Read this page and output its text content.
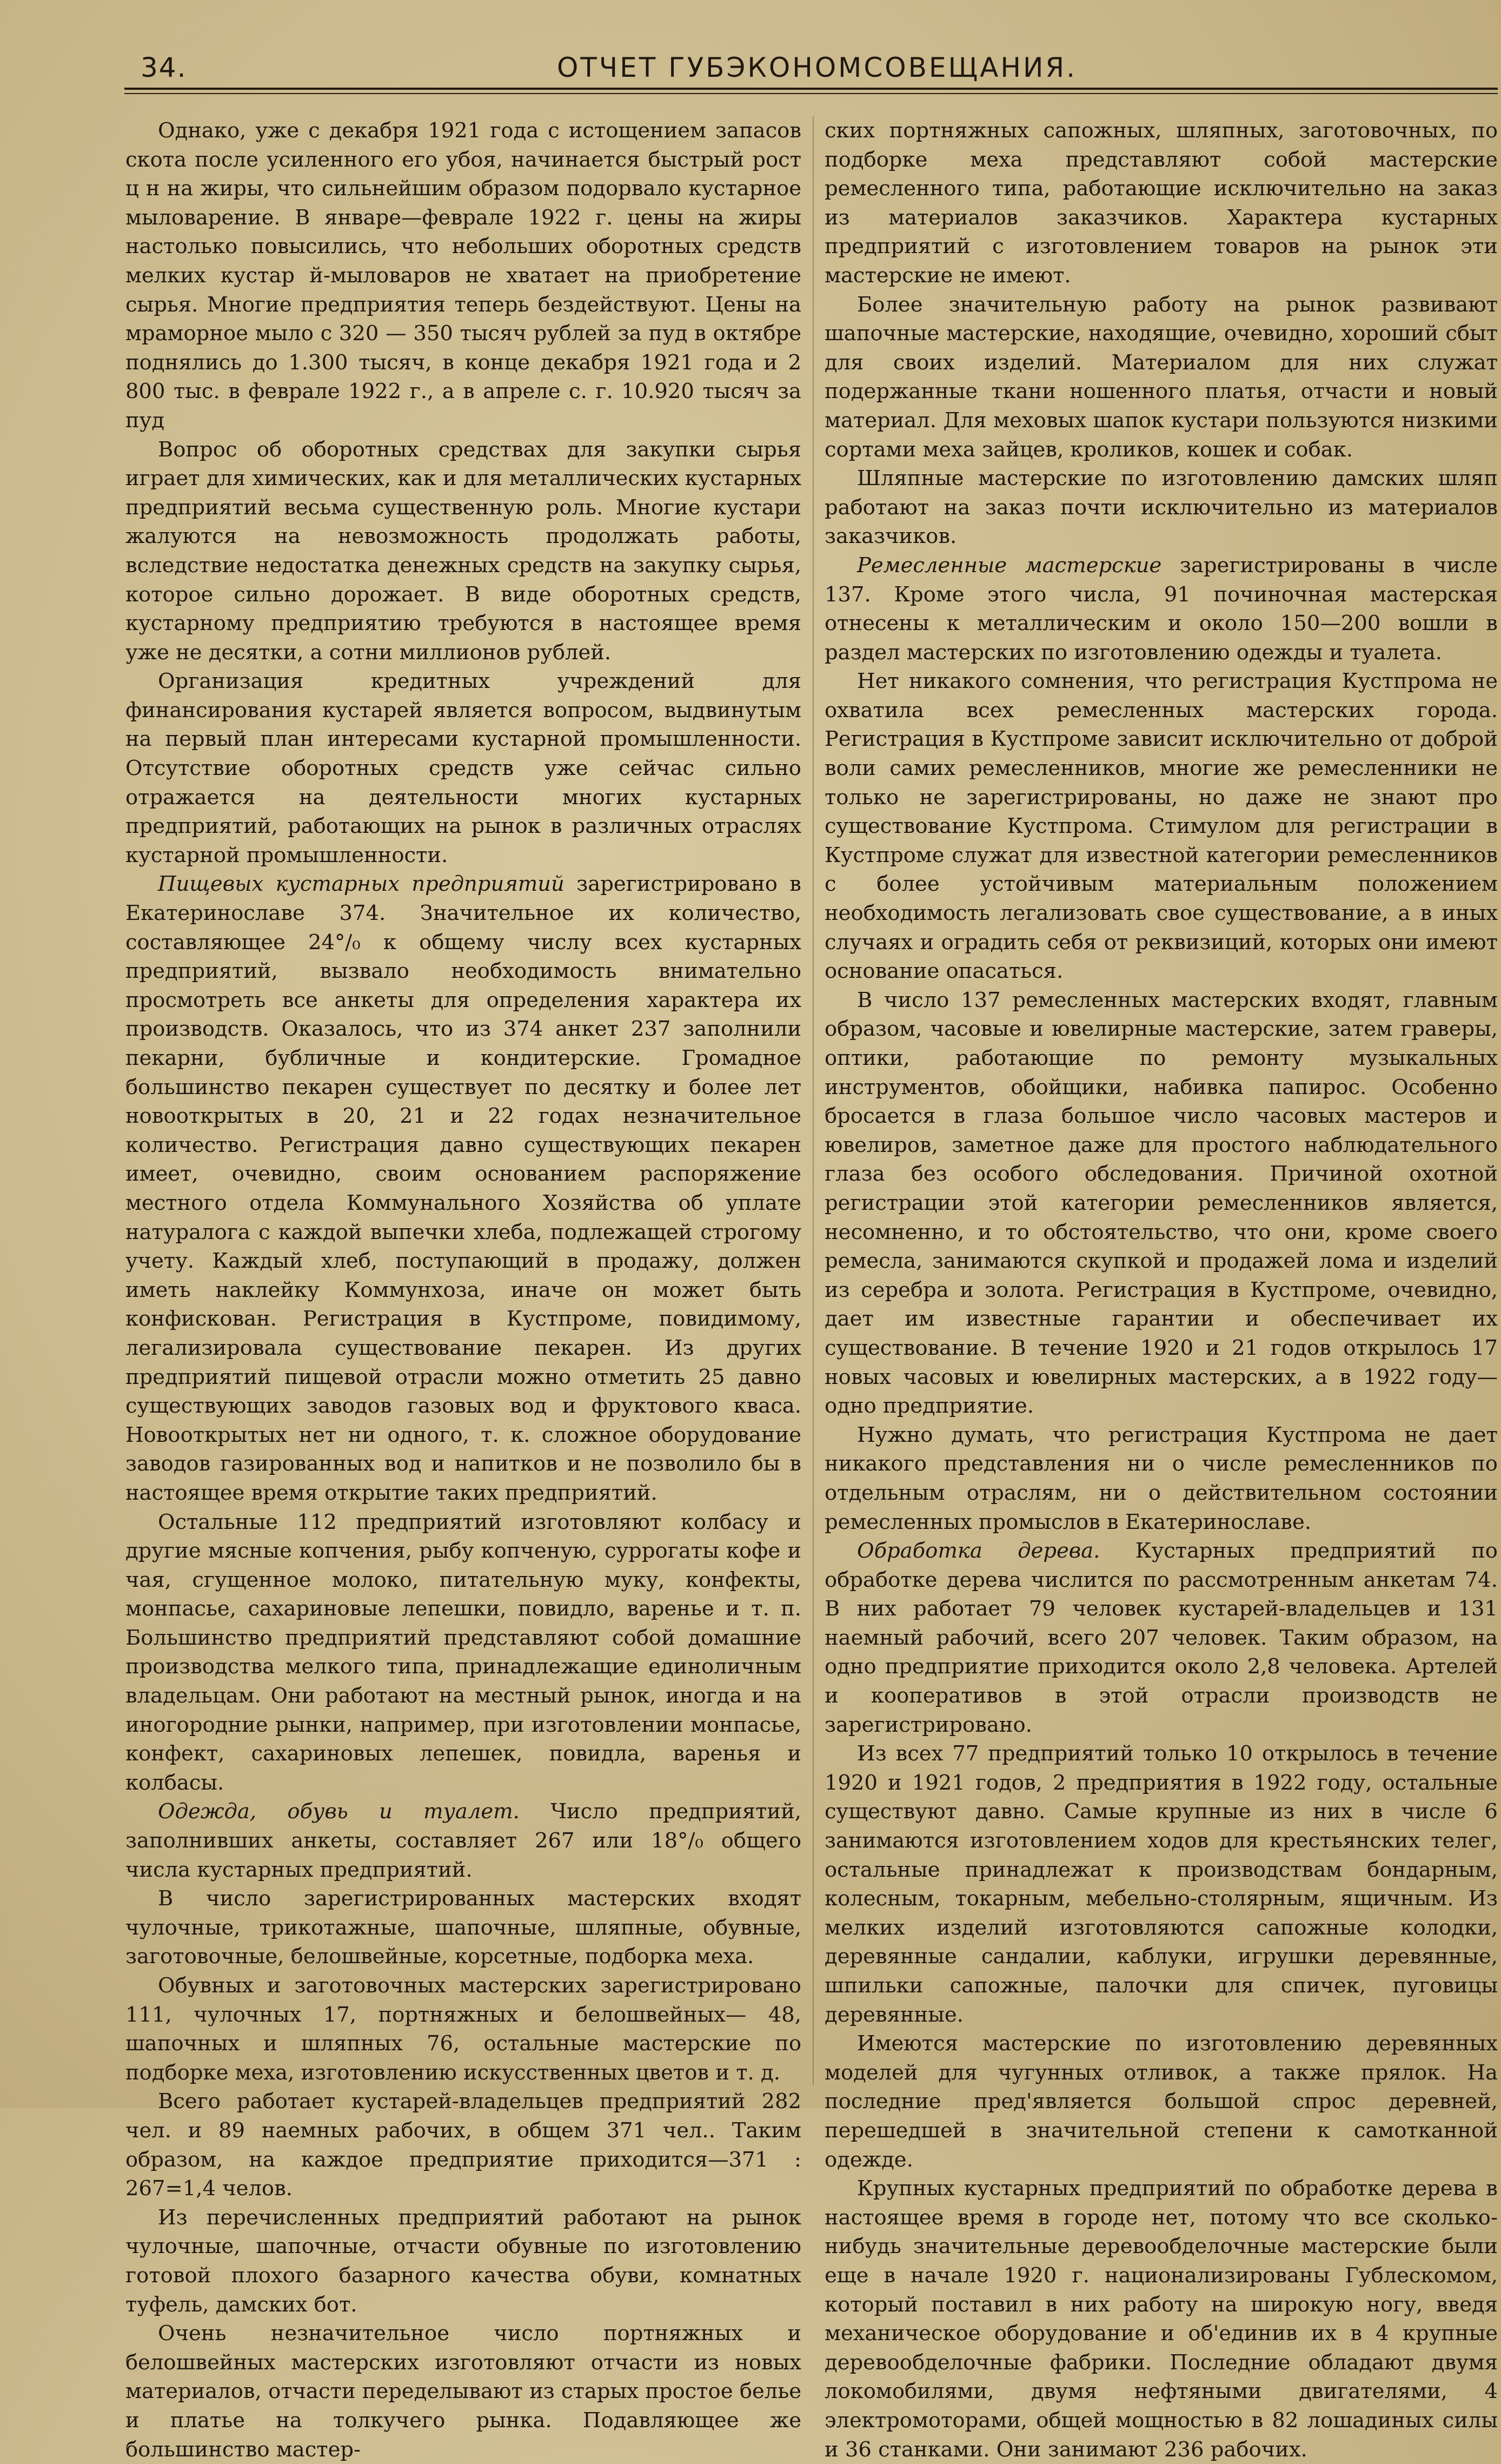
34.	ОТЧЕТ ГУБЭКОНОМСОВЕЩАНИЯ.

Однако, уже с декабря 1921 года с истощением запасов скота после усиленного его убоя, начинается быстрый рост ц н на жиры, что сильнейшим образом подорвало кустарное мыловарение. В январе—феврале 1922 г. цены на жиры настолько повысились, что небольших оборотных средств мелких кустар й-мыловаров не хватает на приобретение сырья. Многие предприятия теперь бездействуют. Цены на мраморное мыло с 320 — 350 тысяч рублей за пуд в октябре поднялись до 1.300 тысяч, в конце декабря 1921 года и 2 800 тыс. в феврале 1922 г., а в апреле с. г. 10.920 тысяч за пуд

Вопрос об оборотных средствах для закупки сырья играет для химических, как и для металлических кустарных предприятий весьма существенную роль. Многие кустари жалуются на невозможность продолжать работы, вследствие недостатка денежных средств на закупку сырья, которое сильно дорожает. В виде оборотных средств, кустарному предприятию требуются в настоящее время уже не десятки, а сотни миллионов рублей.

Организация кредитных учреждений для финансирования кустарей является вопросом, выдвинутым на первый план интересами кустарной промышленности. Отсутствие оборотных средств уже сейчас сильно отражается на деятельности многих кустарных предприятий, работающих на рынок в различных отраслях кустарной промышленности.

Пищевых кустарных предприятий зарегистрировано в Екатеринославе 374. Значительное их количество, составляющее 24°/₀ к общему числу всех кустарных предприятий, вызвало необходимость внимательно просмотреть все анкеты для определения характера их производств. Оказалось, что из 374 анкет 237 заполнили пекарни, бубличные и кондитерские. Громадное большинство пекарен существует по десятку и более лет новооткрытых в 20, 21 и 22 годах незначительное количество. Регистрация давно существующих пекарен имеет, очевидно, своим основанием распоряжение местного отдела Коммунального Хозяйства об уплате натуралога с каждой выпечки хлеба, подлежащей строгому учету. Каждый хлеб, поступающий в продажу, должен иметь наклейку Коммунхоза, иначе он может быть конфискован. Регистрация в Кустпроме, повидимому, легализировала существование пекарен. Из других предприятий пищевой отрасли можно отметить 25 давно существующих заводов газовых вод и фруктового кваса. Новооткрытых нет ни одного, т. к. сложное оборудование заводов газированных вод и напитков и не позволило бы в настоящее время открытие таких предприятий.

Остальные 112 предприятий изготовляют колбасу и другие мясные копчения, рыбу копченую, суррогаты кофе и чая, сгущенное молоко, питательную муку, конфекты, монпасье, сахариновые лепешки, повидло, варенье и т. п. Большинство предприятий представляют собой домашние производства мелкого типа, принадлежащие единоличным владельцам. Они работают на местный рынок, иногда и на иногородние рынки, например, при изготовлении монпасье, конфект, сахариновых лепешек, повидла, варенья и колбасы.

Одежда, обувь и туалет. Число предприятий, заполнивших анкеты, составляет 267 или 18°/₀ общего числа кустарных предприятий.

В число зарегистрированных мастерских входят чулочные, трикотажные, шапочные, шляпные, обувные, заготовочные, белошвейные, корсетные, подборка меха.

Обувных и заготовочных мастерских зарегистрировано 111, чулочных 17, портняжных и белошвейных— 48, шапочных и шляпных 76, остальные мастерские по подборке меха, изготовлению искусственных цветов и т. д.

Всего работает кустарей-владельцев предприятий 282 чел. и 89 наемных рабочих, в общем 371 чел.. Таким образом, на каждое предприятие приходится—371 : 267=1,4 челов.

Из перечисленных предприятий работают на рынок чулочные, шапочные, отчасти обувные по изготовлению готовой плохого базарного качества обуви, комнатных туфель, дамских бот.

Очень незначительное число портняжных и белошвейных мастерских изготовляют отчасти из новых материалов, отчасти переделывают из старых простое белье и платье на толкучего рынка. Подавляющее же большинство мастер-

ских портняжных сапожных, шляпных, заготовочных, по подборке меха представляют собой мастерские ремесленного типа, работающие исключительно на заказ из материалов заказчиков. Характера кустарных предприятий с изготовлением товаров на рынок эти мастерские не имеют.

Более значительную работу на рынок развивают шапочные мастерские, находящие, очевидно, хороший сбыт для своих изделий. Материалом для них служат подержанные ткани ношенного платья, отчасти и новый материал. Для меховых шапок кустари пользуются низкими сортами меха зайцев, кроликов, кошек и собак.

Шляпные мастерские по изготовлению дамских шляп работают на заказ почти исключительно из материалов заказчиков.

Ремесленные мастерские зарегистрированы в числе 137. Кроме этого числа, 91 починочная мастерская отнесены к металлическим и около 150—200 вошли в раздел мастерских по изготовлению одежды и туалета.

Нет никакого сомнения, что регистрация Кустпрома не охватила всех ремесленных мастерских города. Регистрация в Кустпроме зависит исключительно от доброй воли самих ремесленников, многие же ремесленники не только не зарегистрированы, но даже не знают про существование Кустпрома. Стимулом для регистрации в Кустпроме служат для известной категории ремесленников с более устойчивым материальным положением необходимость легализовать свое существование, а в иных случаях и оградить себя от реквизиций, которых они имеют основание опасаться.

В число 137 ремесленных мастерских входят, главным образом, часовые и ювелирные мастерские, затем граверы, оптики, работающие по ремонту музыкальных инструментов, обойщики, набивка папирос. Особенно бросается в глаза большое число часовых мастеров и ювелиров, заметное даже для простого наблюдательного глаза без особого обследования. Причиной охотной регистрации этой категории ремесленников является, несомненно, и то обстоятельство, что они, кроме своего ремесла, занимаются скупкой и продажей лома и изделий из серебра и золота. Регистрация в Кустпроме, очевидно, дает им известные гарантии и обеспечивает их существование. В течение 1920 и 21 годов открылось 17 новых часовых и ювелирных мастерских, а в 1922 году—одно предприятие.

Нужно думать, что регистрация Кустпрома не дает никакого представления ни о числе ремесленников по отдельным отраслям, ни о действительном состоянии ремесленных промыслов в Екатеринославе.

Обработка дерева. Кустарных предприятий по обработке дерева числится по рассмотренным анкетам 74. В них работает 79 человек кустарей-владельцев и 131 наемный рабочий, всего 207 человек. Таким образом, на одно предприятие приходится около 2,8 человека. Артелей и кооперативов в этой отрасли производств не зарегистрировано.

Из всех 77 предприятий только 10 открылось в течение 1920 и 1921 годов, 2 предприятия в 1922 году, остальные существуют давно. Самые крупные из них в числе 6 занимаются изготовлением ходов для крестьянских телег, остальные принадлежат к производствам бондарным, колесным, токарным, мебельно-столярным, ящичным. Из мелких изделий изготовляются сапожные колодки, деревянные сандалии, каблуки, игрушки деревянные, шпильки сапожные, палочки для спичек, пуговицы деревянные.

Имеются мастерские по изготовлению деревянных моделей для чугунных отливок, а также прялок. На последние пред'является большой спрос деревней, перешедшей в значительной степени к самотканной одежде.

Крупных кустарных предприятий по обработке дерева в настоящее время в городе нет, потому что все сколько-нибудь значительные деревообделочные мастерские были еще в начале 1920 г. национализированы Гублескомом, который поставил в них работу на широкую ногу, введя механическое оборудование и об'единив их в 4 крупные деревообделочные фабрики. Последние обладают двумя локомобилями, двумя нефтяными двигателями, 4 электромоторами, общей мощностью в 82 лошадиных силы и 36 станками. Они занимают 236 рабочих.
